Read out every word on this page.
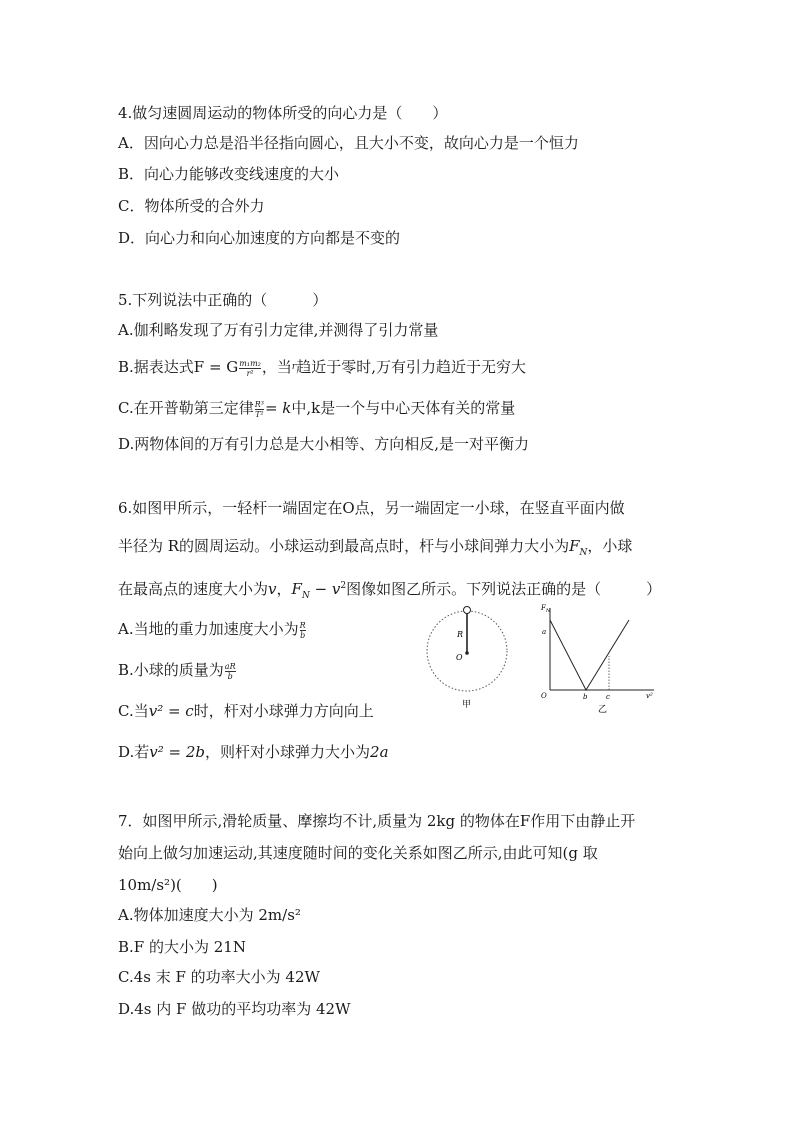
4.做匀速圆周运动的物体所受的向心力是（　　）
A．因向心力总是沿半径指向圆心，且大小不变，故向心力是一个恒力
B．向心力能够改变线速度的大小
C．物体所受的合外力
D．向心力和向心加速度的方向都是不变的
5.下列说法中正确的（　　　）
A.伽利略发现了万有引力定律,并测得了引力常量
B.据表达式F = G $\frac{\text{m₁m₂}}{\text{r²}}$ ，当$^r$趋近于零时,万有引力趋近于无穷大
C.在开普勒第三定律 $\frac{\text{R³}}{\text{T²}} = k$中,k是一个与中心天体有关的常量
D.两物体间的万有引力总是大小相等、方向相反,是一对平衡力
6.如图甲所示，一轻杆一端固定在O点，另一端固定一小球，在竖直平面内做
半径为 R的圆周运动。小球运动到最高点时，杆与小球间弹力大小为$F_N$，小球
在最高点的速度大小为v，$F_N - v^2$图像如图乙所示。下列说法正确的是（　　　）
A.当地的重力加速度大小为 $\frac{R}{b}$
B.小球的质量为 $\frac{aR}{b}$
C.当v² = c时，杆对小球弹力方向向上
D.若v² = 2b，则杆对小球弹力大小为2a
R
O
甲
$F_N$
a
O	b	c	v²
乙
7．如图甲所示,滑轮质量、摩擦均不计,质量为 2kg 的物体在F作用下由静止开
始向上做匀加速运动,其速度随时间的变化关系如图乙所示,由此可知(g 取
10m/s²)(　　)
A.物体加速度大小为 2m/s²
B.F 的大小为 21N
C.4s 末 F 的功率大小为 42W
D.4s 内 F 做功的平均功率为 42W
